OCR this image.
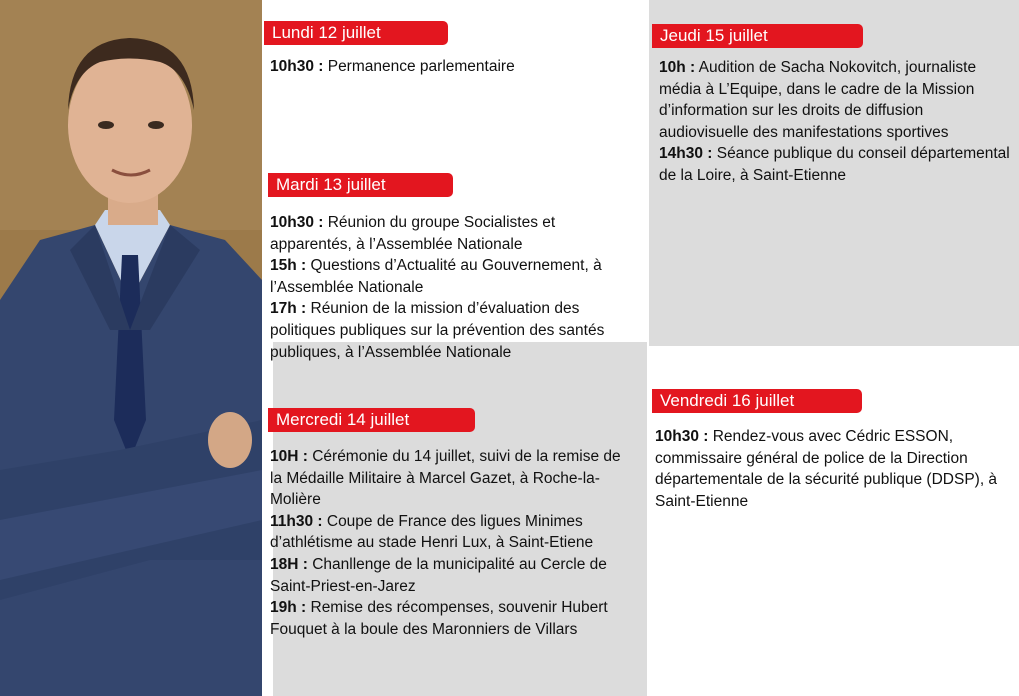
Lundi 12 juillet

10h30 : Permanence parlementaire

Mardi 13 juillet

10h30 : Réunion du groupe Socialistes et apparentés, à l’Assemblée Nationale

15h : Questions d’Actualité au Gouvernement, à l’Assemblée Nationale

17h : Réunion de la mission d’évaluation des politiques publiques sur la prévention des santés publiques, à l’Assemblée Nationale

Mercredi 14 juillet

10H : Cérémonie du 14 juillet, suivi de la remise de la Médaille Militaire à Marcel Gazet, à Roche-la-Molière

11h30 : Coupe de France des ligues Minimes d’athlétisme au stade Henri Lux, à Saint-Etiene

18H : Chanllenge de la municipalité au Cercle de Saint-Priest-en-Jarez

19h : Remise des récompenses, souvenir Hubert Fouquet à la boule des Maronniers de Villars

Jeudi 15 juillet

10h : Audition de Sacha Nokovitch, journaliste média à L’Equipe, dans le cadre de la Mission d’information sur les droits de diffusion audiovisuelle des manifestations sportives

14h30 : Séance publique du conseil départemental de la Loire, à Saint-Etienne

Vendredi 16 juillet

10h30 : Rendez-vous avec Cédric ESSON, commissaire général de police de la Direction départementale de la sécurité publique (DDSP), à Saint-Etienne
